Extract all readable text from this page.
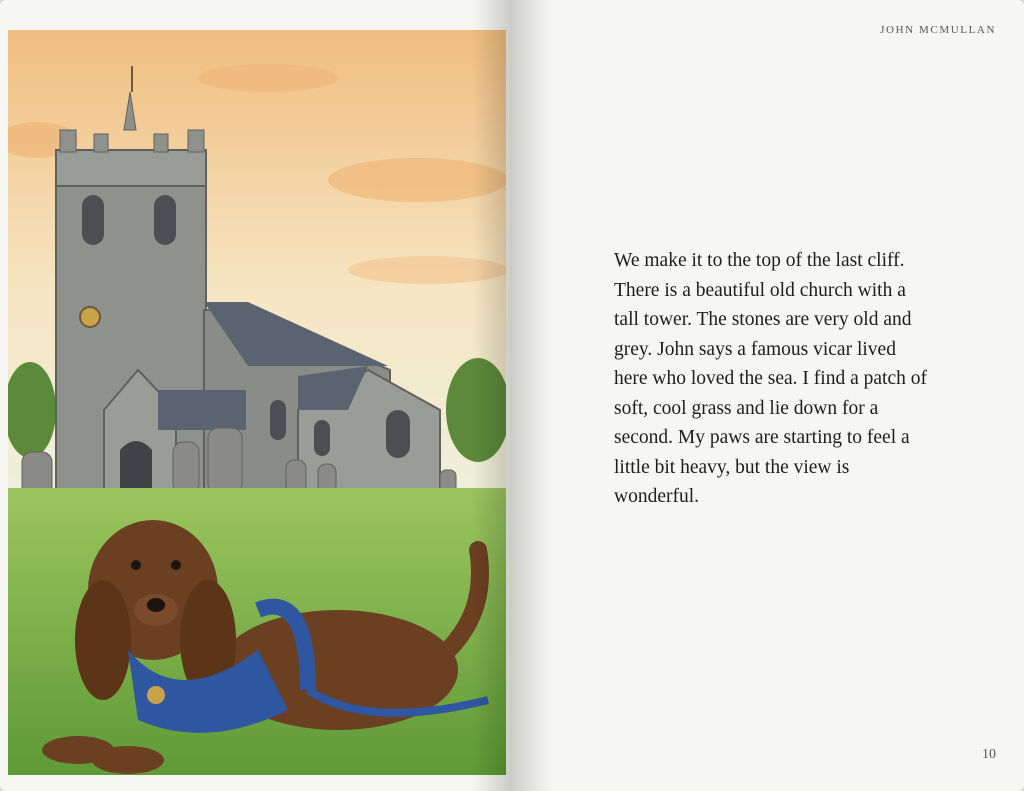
JOHN MCMULLAN

We make it to the top of the last cliff. There is a beautiful old church with a tall tower. The stones are very old and grey. John says a famous vicar lived here who loved the sea. I find a patch of soft, cool grass and lie down for a second. My paws are starting to feel a little bit heavy, but the view is wonderful.

10
